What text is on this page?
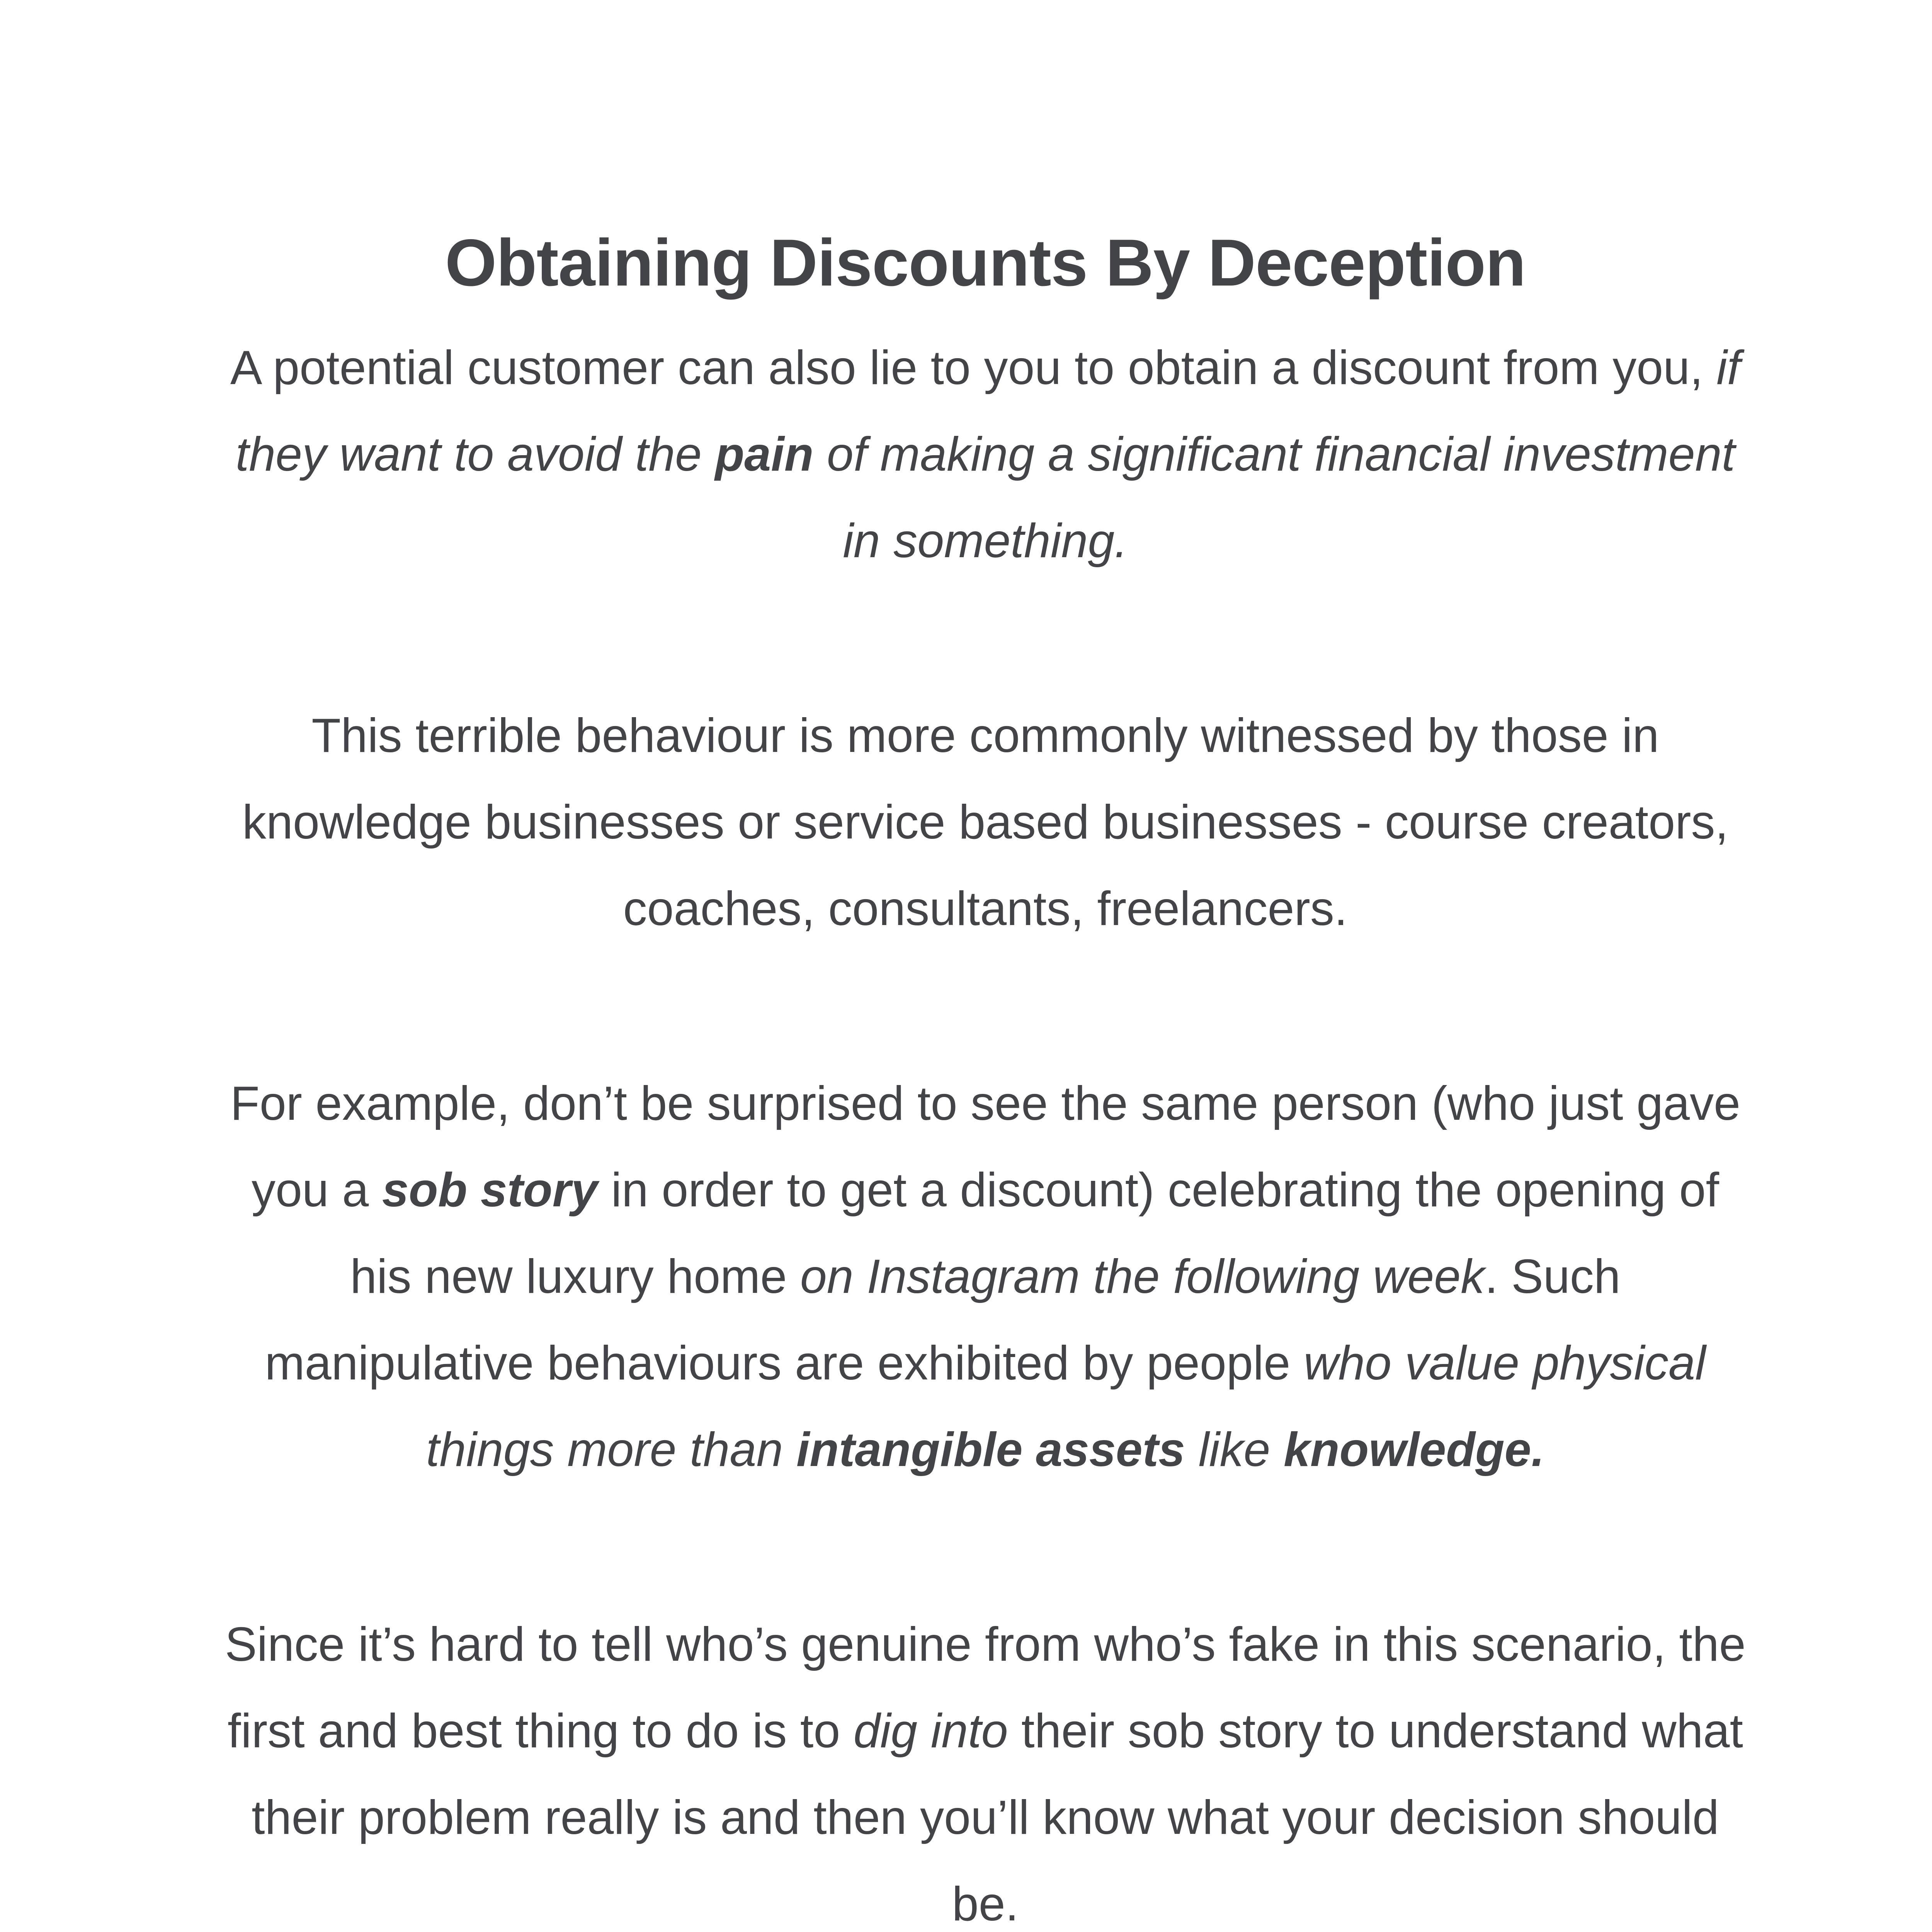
Obtaining Discounts By Deception

A potential customer can also lie to you to obtain a discount from you, if they want to avoid the pain of making a significant financial investment in something.

This terrible behaviour is more commonly witnessed by those in knowledge businesses or service based businesses - course creators, coaches, consultants, freelancers.

For example, don’t be surprised to see the same person (who just gave you a sob story in order to get a discount) celebrating the opening of his new luxury home on Instagram the following week. Such manipulative behaviours are exhibited by people who value physical things more than intangible assets like knowledge.

Since it’s hard to tell who’s genuine from who’s fake in this scenario, the first and best thing to do is to dig into their sob story to understand what their problem really is and then you’ll know what your decision should be.
